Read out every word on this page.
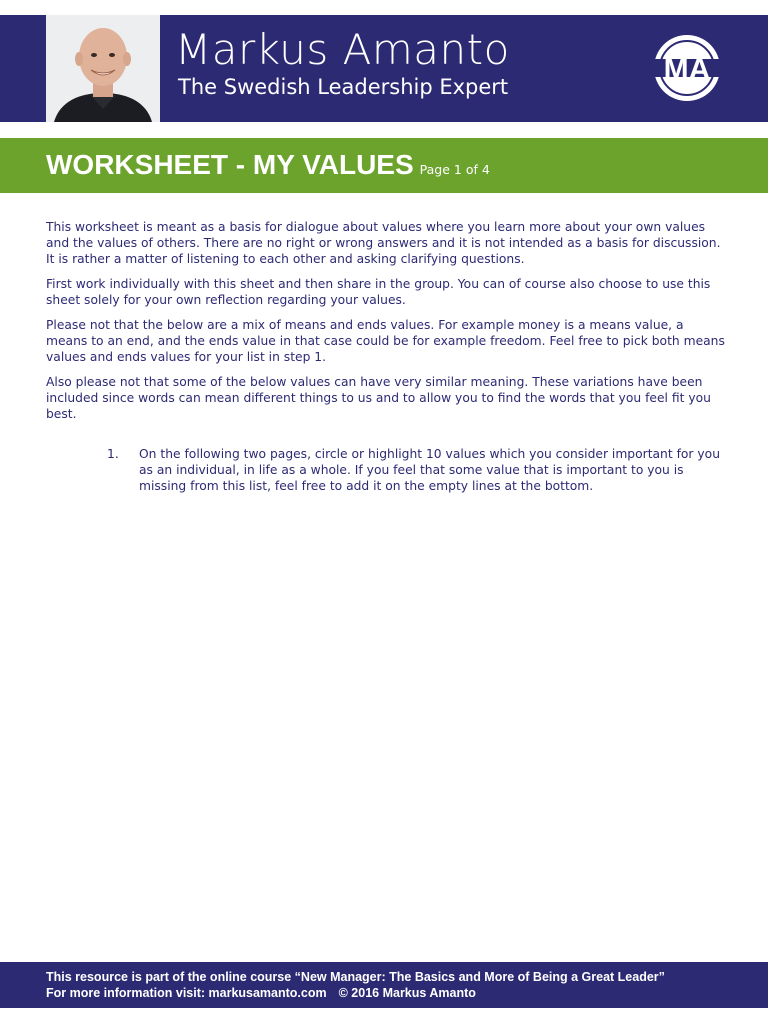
Markus Amanto
The Swedish Leadership Expert
MA
WORKSHEET - MY VALUES Page 1 of 4

This worksheet is meant as a basis for dialogue about values where you learn more about your own values and the values of others. There are no right or wrong answers and it is not intended as a basis for discussion. It is rather a matter of listening to each other and asking clarifying questions.

First work individually with this sheet and then share in the group. You can of course also choose to use this sheet solely for your own reflection regarding your values.

Please not that the below are a mix of means and ends values. For example money is a means value, a means to an end, and the ends value in that case could be for example freedom. Feel free to pick both means values and ends values for your list in step 1.

Also please not that some of the below values can have very similar meaning. These variations have been included since words can mean different things to us and to allow you to find the words that you feel fit you best.

1. On the following two pages, circle or highlight 10 values which you consider important for you as an individual, in life as a whole. If you feel that some value that is important to you is missing from this list, feel free to add it on the empty lines at the bottom.
This resource is part of the online course “New Manager: The Basics and More of Being a Great Leader”
For more information visit: markusamanto.com © 2016 Markus Amanto
